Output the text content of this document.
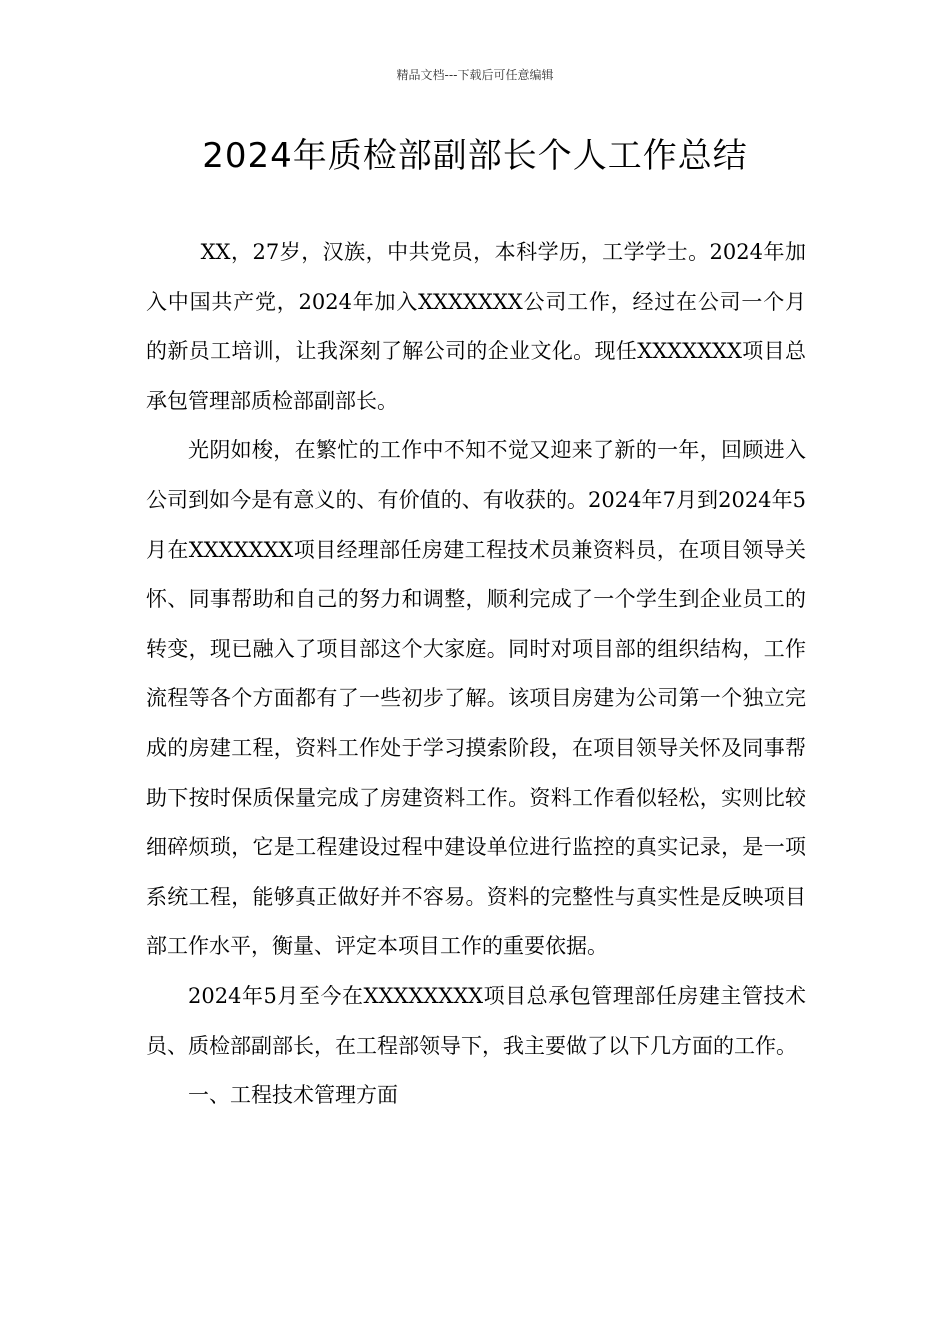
精品文档---下载后可任意编辑
2024年质检部副部长个人工作总结

XX，27岁，汉族，中共党员，本科学历，工学学士。2024年加入中国共产党，2024年加入XXXXXXX公司工作，经过在公司一个月的新员工培训，让我深刻了解公司的企业文化。现任XXXXXXX项目总承包管理部质检部副部长。

光阴如梭，在繁忙的工作中不知不觉又迎来了新的一年，回顾进入公司到如今是有意义的、有价值的、有收获的。2024年7月到2024年5月在XXXXXXX项目经理部任房建工程技术员兼资料员，在项目领导关怀、同事帮助和自己的努力和调整，顺利完成了一个学生到企业员工的转变，现已融入了项目部这个大家庭。同时对项目部的组织结构，工作流程等各个方面都有了一些初步了解。该项目房建为公司第一个独立完成的房建工程，资料工作处于学习摸索阶段，在项目领导关怀及同事帮助下按时保质保量完成了房建资料工作。资料工作看似轻松，实则比较细碎烦琐，它是工程建设过程中建设单位进行监控的真实记录，是一项系统工程，能够真正做好并不容易。资料的完整性与真实性是反映项目部工作水平，衡量、评定本项目工作的重要依据。

2024年5月至今在XXXXXXXX项目总承包管理部任房建主管技术员、质检部副部长，在工程部领导下，我主要做了以下几方面的工作。

一、工程技术管理方面
